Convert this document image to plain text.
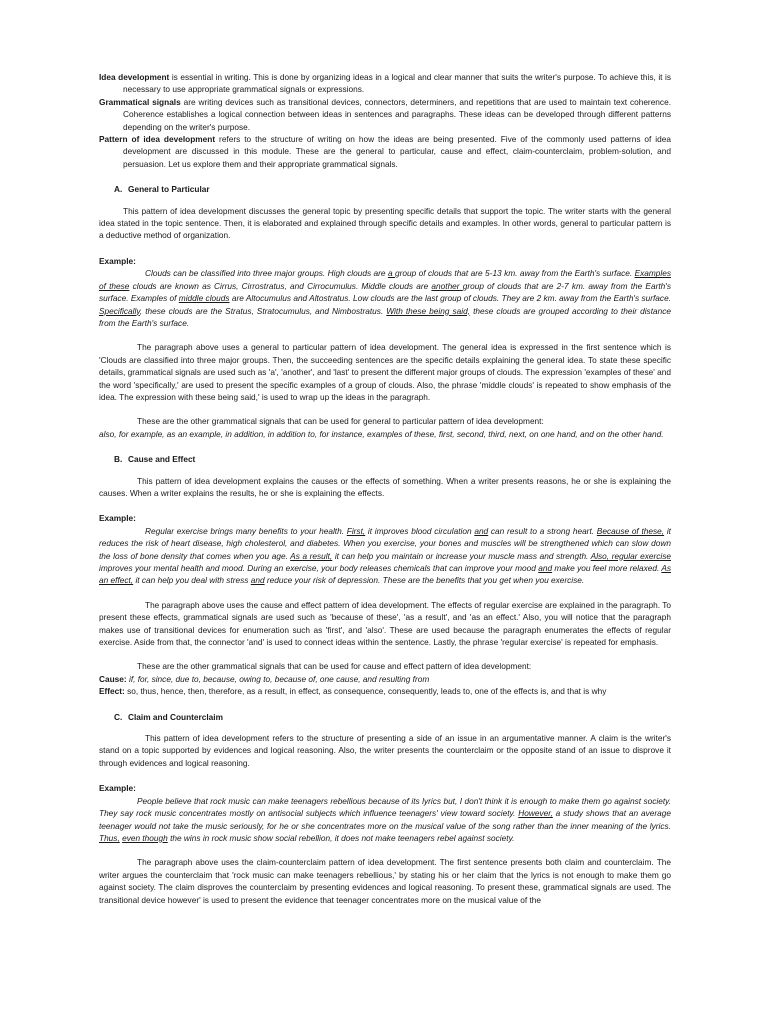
Idea development is essential in writing. This is done by organizing ideas in a logical and clear manner that suits the writer's purpose. To achieve this, it is necessary to use appropriate grammatical signals or expressions.

Grammatical signals are writing devices such as transitional devices, connectors, determiners, and repetitions that are used to maintain text coherence. Coherence establishes a logical connection between ideas in sentences and paragraphs. These ideas can be developed through different patterns depending on the writer's purpose.

Pattern of idea development refers to the structure of writing on how the ideas are being presented. Five of the commonly used patterns of idea development are discussed in this module. These are the general to particular, cause and effect, claim-counterclaim, problem-solution, and persuasion. Let us explore them and their appropriate grammatical signals.

A. General to Particular

This pattern of idea development discusses the general topic by presenting specific details that support the topic. The writer starts with the general idea stated in the topic sentence. Then, it is elaborated and explained through specific details and examples. In other words, general to particular pattern is a deductive method of organization.

Example:

Clouds can be classified into three major groups. High clouds are a group of clouds that are 5-13 km. away from the Earth's surface. Examples of these clouds are known as Cirrus, Cirrostratus, and Cirrocumulus. Middle clouds are another group of clouds that are 2-7 km. away from the Earth's surface. Examples of middle clouds are Altocumulus and Altostratus. Low clouds are the last group of clouds. They are 2 km. away from the Earth's surface. Specifically, these clouds are the Stratus, Stratocumulus, and Nimbostratus. With these being said, these clouds are grouped according to their distance from the Earth's surface.

The paragraph above uses a general to particular pattern of idea development. The general idea is expressed in the first sentence which is 'Clouds are classified into three major groups. Then, the succeeding sentences are the specific details explaining the general idea. To state these specific details, grammatical signals are used such as 'a', 'another', and 'last' to present the different major groups of clouds. The expression 'examples of these' and the word 'specifically,' are used to present the specific examples of a group of clouds. Also, the phrase 'middle clouds' is repeated to show emphasis of the idea. The expression with these being said,' is used to wrap up the ideas in the paragraph.

These are the other grammatical signals that can be used for general to particular pattern of idea development:

also, for example, as an example, in addition, in addition to, for instance, examples of these, first, second, third, next, on one hand, and on the other hand.

B. Cause and Effect

This pattern of idea development explains the causes or the effects of something. When a writer presents reasons, he or she is explaining the causes. When a writer explains the results, he or she is explaining the effects.

Example:

Regular exercise brings many benefits to your health. First, it improves blood circulation and can result to a strong heart. Because of these, it reduces the risk of heart disease, high cholesterol, and diabetes. When you exercise, your bones and muscles will be strengthened which can slow down the loss of bone density that comes when you age. As a result, it can help you maintain or increase your muscle mass and strength. Also, regular exercise improves your mental health and mood. During an exercise, your body releases chemicals that can improve your mood and make you feel more relaxed. As an effect, it can help you deal with stress and reduce your risk of depression. These are the benefits that you get when you exercise.

The paragraph above uses the cause and effect pattern of idea development. The effects of regular exercise are explained in the paragraph. To present these effects, grammatical signals are used such as 'because of these', 'as a result', and 'as an effect.' Also, you will notice that the paragraph makes use of transitional devices for enumeration such as 'first', and 'also'. These are used because the paragraph enumerates the effects of regular exercise. Aside from that, the connector 'and' is used to connect ideas within the sentence. Lastly, the phrase 'regular exercise' is repeated for emphasis.

These are the other grammatical signals that can be used for cause and effect pattern of idea development:

Cause: if, for, since, due to, because, owing to, because of, one cause, and resulting from

Effect: so, thus, hence, then, therefore, as a result, in effect, as consequence, consequently, leads to, one of the effects is, and that is why

C. Claim and Counterclaim

This pattern of idea development refers to the structure of presenting a side of an issue in an argumentative manner. A claim is the writer's stand on a topic supported by evidences and logical reasoning. Also, the writer presents the counterclaim or the opposite stand of an issue to disprove it through evidences and logical reasoning.

Example:

People believe that rock music can make teenagers rebellious because of its lyrics but, I don't think it is enough to make them go against society. They say rock music concentrates mostly on antisocial subjects which influence teenagers' view toward society. However, a study shows that an average teenager would not take the music seriously, for he or she concentrates more on the musical value of the song rather than the inner meaning of the lyrics. Thus, even though the wins in rock music show social rebellion, it does not make teenagers rebel against society.

The paragraph above uses the claim-counterclaim pattern of idea development. The first sentence presents both claim and counterclaim. The writer argues the counterclaim that 'rock music can make teenagers rebellious,' by stating his or her claim that the lyrics is not enough to make them go against society. The claim disproves the counterclaim by presenting evidences and logical reasoning. To present these, grammatical signals are used. The transitional device however' is used to present the evidence that teenager concentrates more on the musical value of the
